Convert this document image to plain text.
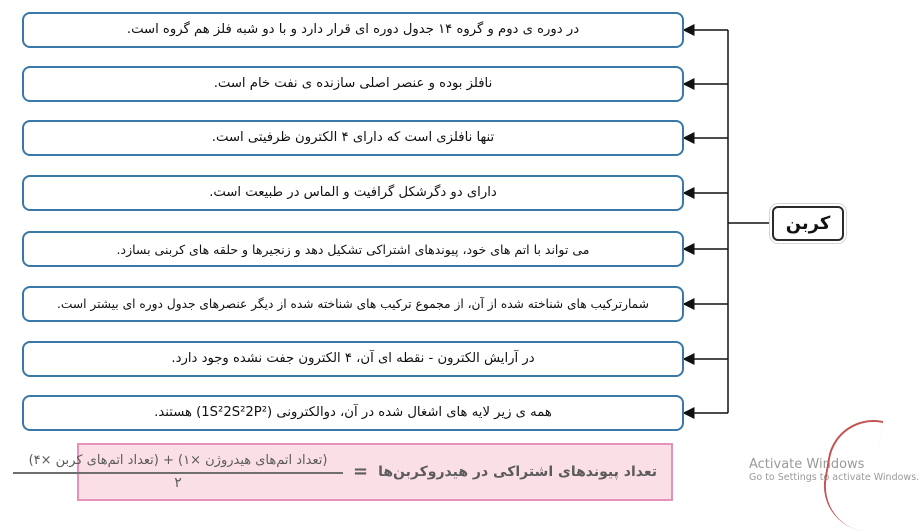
در دوره ی دوم و گروه ۱۴ جدول دوره ای قرار دارد و با دو شبه فلز هم گروه است.
نافلز بوده و عنصر اصلی سازنده ی نفت خام است.
تنها نافلزی است که دارای ۴ الکترون ظرفیتی است.
دارای دو دگرشکل گرافیت و الماس در طبیعت است.
می تواند با اتم های خود، پیوندهای اشتراکی تشکیل دهد و زنجیرها و حلقه های کربنی بسازد.
شمارترکیب های شناخته شده از آن، از مجموع ترکیب های شناخته شده از دیگر عنصرهای جدول دوره ای بیشتر است.
در آرایش الکترون - نقطه ای آن، ۴ الکترون جفت نشده وجود دارد.
همه ی زیر لایه های اشغال شده در آن، دوالکترونی (1S²2S²2P²) هستند.
کربن
تعداد پیوندهای اشتراکی در هیدروکربن‌ها
=
$\frac{\text{(تعداد اتم‌های هیدروژن ×۱) + (تعداد اتم‌های کربن ×۴)}}{۲}$	Activate Windows
Go to Settings to activate Windows.
